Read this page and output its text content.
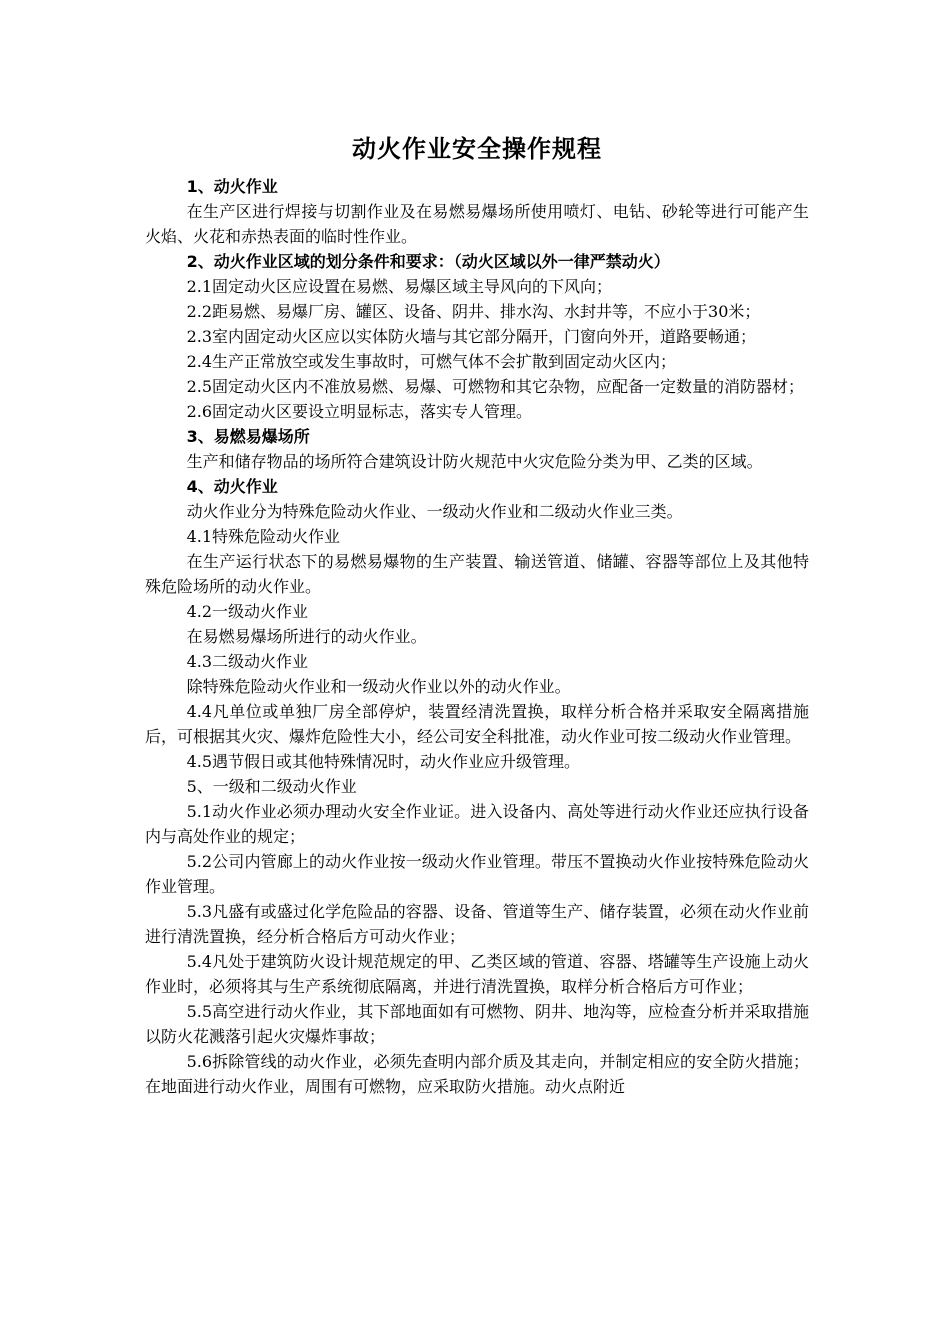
动火作业安全操作规程

1、动火作业

在生产区进行焊接与切割作业及在易燃易爆场所使用喷灯、电钻、砂轮等进行可能产生火焰、火花和赤热表面的临时性作业。

2、动火作业区域的划分条件和要求：（动火区域以外一律严禁动火）

2.1固定动火区应设置在易燃、易爆区域主导风向的下风向；

2.2距易燃、易爆厂房、罐区、设备、阴井、排水沟、水封井等，不应小于30米；

2.3室内固定动火区应以实体防火墙与其它部分隔开，门窗向外开，道路要畅通；

2.4生产正常放空或发生事故时，可燃气体不会扩散到固定动火区内；

2.5固定动火区内不准放易燃、易爆、可燃物和其它杂物，应配备一定数量的消防器材；

2.6固定动火区要设立明显标志，落实专人管理。

3、易燃易爆场所

生产和储存物品的场所符合建筑设计防火规范中火灾危险分类为甲、乙类的区域。

4、动火作业

动火作业分为特殊危险动火作业、一级动火作业和二级动火作业三类。

4.1特殊危险动火作业

在生产运行状态下的易燃易爆物的生产装置、输送管道、储罐、容器等部位上及其他特殊危险场所的动火作业。

4.2一级动火作业

在易燃易爆场所进行的动火作业。

4.3二级动火作业

除特殊危险动火作业和一级动火作业以外的动火作业。

4.4凡单位或单独厂房全部停炉，装置经清洗置换，取样分析合格并采取安全隔离措施后，可根据其火灾、爆炸危险性大小，经公司安全科批准，动火作业可按二级动火作业管理。

4.5遇节假日或其他特殊情况时，动火作业应升级管理。

5、一级和二级动火作业

5.1动火作业必须办理动火安全作业证。进入设备内、高处等进行动火作业还应执行设备内与高处作业的规定；

5.2公司内管廊上的动火作业按一级动火作业管理。带压不置换动火作业按特殊危险动火作业管理。

5.3凡盛有或盛过化学危险品的容器、设备、管道等生产、储存装置，必须在动火作业前进行清洗置换，经分析合格后方可动火作业；

5.4凡处于建筑防火设计规范规定的甲、乙类区域的管道、容器、塔罐等生产设施上动火作业时，必须将其与生产系统彻底隔离，并进行清洗置换，取样分析合格后方可作业；

5.5高空进行动火作业，其下部地面如有可燃物、阴井、地沟等，应检查分析并采取措施以防火花溅落引起火灾爆炸事故；

5.6拆除管线的动火作业，必须先查明内部介质及其走向，并制定相应的安全防火措施；在地面进行动火作业，周围有可燃物，应采取防火措施。动火点附近
